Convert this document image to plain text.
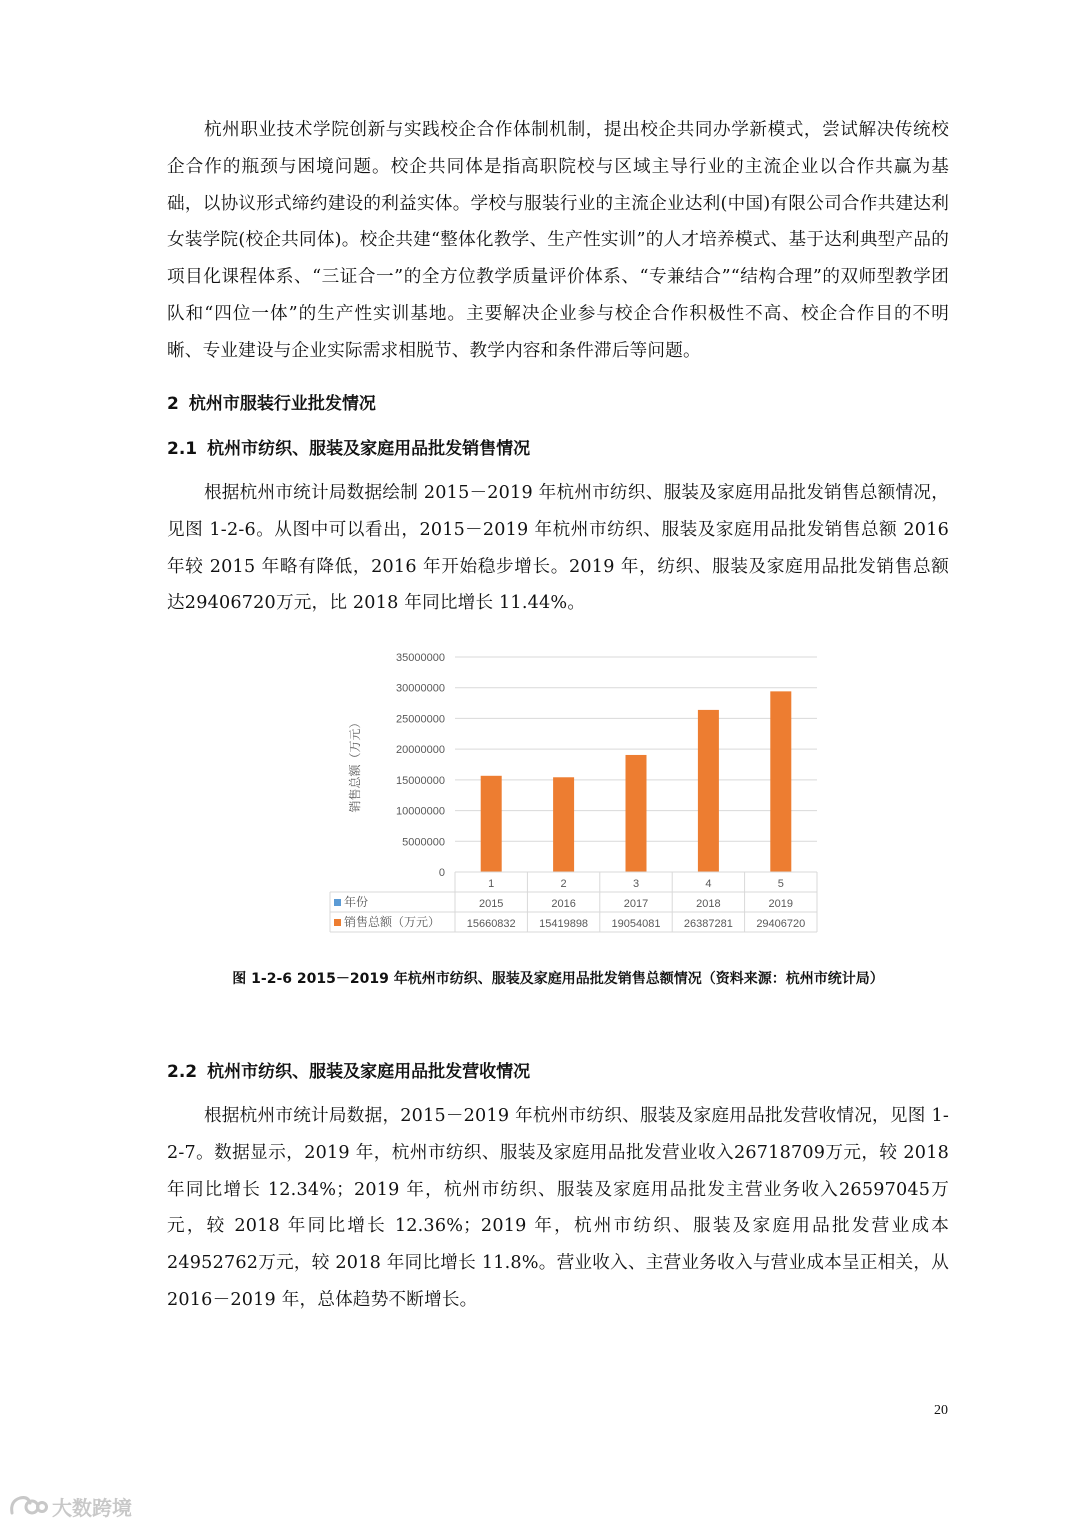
杭州职业技术学院创新与实践校企合作体制机制，提出校企共同办学新模式，尝试解决传统校企合作的瓶颈与困境问题。校企共同体是指高职院校与区域主导行业的主流企业以合作共赢为基础，以协议形式缔约建设的利益实体。学校与服装行业的主流企业达利(中国)有限公司合作共建达利女装学院(校企共同体)。校企共建“整体化教学、生产性实训”的人才培养模式、基于达利典型产品的项目化课程体系、“三证合一”的全方位教学质量评价体系、“专兼结合”“结构合理”的双师型教学团队和“四位一体”的生产性实训基地。主要解决企业参与校企合作积极性不高、校企合作目的不明晰、专业建设与企业实际需求相脱节、教学内容和条件滞后等问题。

2 杭州市服装行业批发情况
2.1 杭州市纺织、服装及家庭用品批发销售情况

根据杭州市统计局数据绘制 2015－2019 年杭州市纺织、服装及家庭用品批发销售总额情况，见图 1-2-6。从图中可以看出，2015－2019 年杭州市纺织、服装及家庭用品批发销售总额 2016 年较 2015 年略有降低，2016 年开始稳步增长。2019 年，纺织、服装及家庭用品批发销售总额达29406720万元，比 2018 年同比增长 11.44%。

35000000
30000000
25000000
20000000
15000000
10000000
5000000
0
销售总额（万元）
1	2	3	4	5
年份	2015	2016	2017	2018	2019
销售总额（万元） 15660832 15419898 19054081 26387281 29406720
图 1-2-6 2015－2019 年杭州市纺织、服装及家庭用品批发销售总额情况（资料来源：杭州市统计局）
2.2 杭州市纺织、服装及家庭用品批发营收情况

根据杭州市统计局数据，2015－2019 年杭州市纺织、服装及家庭用品批发营收情况，见图 1-2-7。数据显示，2019 年，杭州市纺织、服装及家庭用品批发营业收入26718709万元，较 2018 年同比增长 12.34%；2019 年，杭州市纺织、服装及家庭用品批发主营业务收入26597045万元，较 2018 年同比增长 12.36%；2019 年，杭州市纺织、服装及家庭用品批发营业成本24952762万元，较 2018 年同比增长 11.8%。营业收入、主营业务收入与营业成本呈正相关，从 2016－2019 年，总体趋势不断增长。

20
大数跨境
